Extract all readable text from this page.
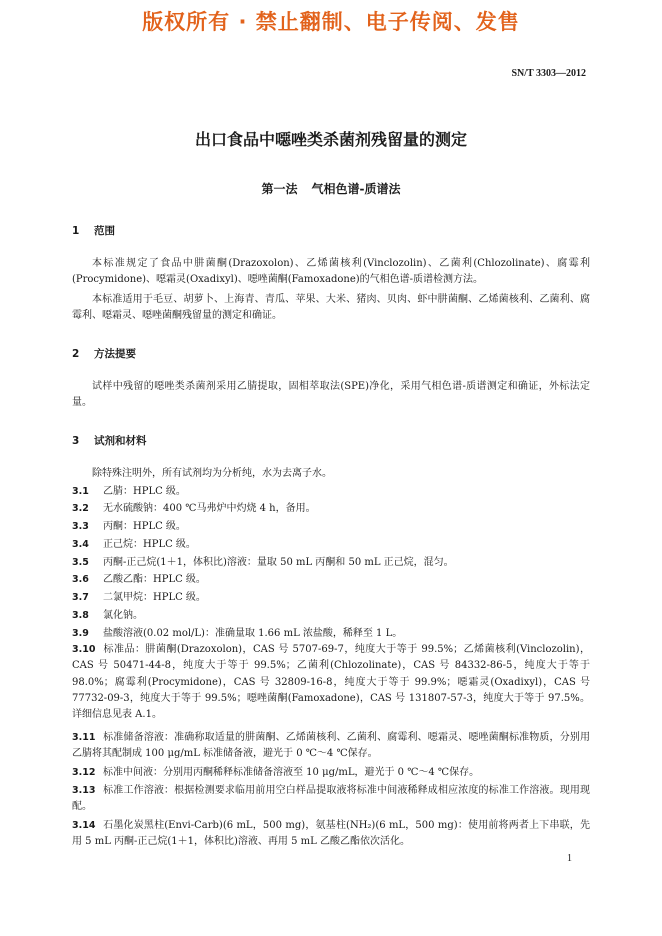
版权所有 · 禁止翻制、电子传阅、发售
SN/T 3303—2012
出口食品中噁唑类杀菌剂残留量的测定
第一法 气相色谱-质谱法
1 范围
本标准规定了食品中肼菌酮(Drazoxolon)、乙烯菌核利(Vinclozolin)、乙菌利(Chlozolinate)、腐霉利(Procymidone)、噁霜灵(Oxadixyl)、噁唑菌酮(Famoxadone)的气相色谱-质谱检测方法。
本标准适用于毛豆、胡萝卜、上海青、青瓜、苹果、大米、猪肉、贝肉、虾中肼菌酮、乙烯菌核利、乙菌利、腐霉利、噁霜灵、噁唑菌酮残留量的测定和确证。
2 方法提要
试样中残留的噁唑类杀菌剂采用乙腈提取，固相萃取法(SPE)净化，采用气相色谱-质谱测定和确证，外标法定量。
3 试剂和材料
除特殊注明外，所有试剂均为分析纯，水为去离子水。
3.1 乙腈：HPLC 级。
3.2 无水硫酸钠：400 ℃马弗炉中灼烧 4 h，备用。
3.3 丙酮：HPLC 级。
3.4 正己烷：HPLC 级。
3.5 丙酮-正己烷(1＋1，体积比)溶液：量取 50 mL 丙酮和 50 mL 正己烷，混匀。
3.6 乙酸乙酯：HPLC 级。
3.7 二氯甲烷：HPLC 级。
3.8 氯化钠。
3.9 盐酸溶液(0.02 mol/L)：准确量取 1.66 mL 浓盐酸，稀释至 1 L。
3.10 标准品：肼菌酮(Drazoxolon)，CAS 号 5707-69-7，纯度大于等于 99.5%；乙烯菌核利(Vinclozolin)，CAS 号 50471-44-8，纯度大于等于 99.5%；乙菌利(Chlozolinate)，CAS 号 84332-86-5，纯度大于等于 98.0%；腐霉利(Procymidone)，CAS 号 32809-16-8，纯度大于等于 99.9%；噁霜灵(Oxadixyl)，CAS 号 77732-09-3，纯度大于等于 99.5%；噁唑菌酮(Famoxadone)，CAS 号 131807-57-3，纯度大于等于 97.5%。详细信息见表 A.1。
3.11 标准储备溶液：准确称取适量的肼菌酮、乙烯菌核利、乙菌利、腐霉利、噁霜灵、噁唑菌酮标准物质，分别用乙腈将其配制成 100 μg/mL 标准储备液，避光于 0 ℃～4 ℃保存。
3.12 标准中间液：分别用丙酮稀释标准储备溶液至 10 μg/mL，避光于 0 ℃～4 ℃保存。
3.13 标准工作溶液：根据检测要求临用前用空白样品提取液将标准中间液稀释成相应浓度的标准工作溶液。现用现配。
3.14 石墨化炭黑柱(Envi-Carb)(6 mL，500 mg)，氨基柱(NH₂)(6 mL，500 mg)：使用前将两者上下串联，先用 5 mL 丙酮-正己烷(1＋1，体积比)溶液、再用 5 mL 乙酸乙酯依次活化。
1
